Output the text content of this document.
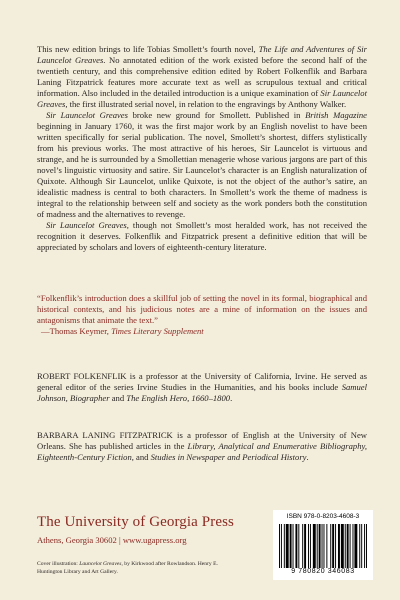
This new edition brings to life Tobias Smollett’s fourth novel, The Life and Adventures of Sir Launcelot Greaves. No annotated edition of the work existed before the second half of the twentieth century, and this comprehensive edition edited by Robert Folkenflik and Barbara Laning Fitzpatrick features more accurate text as well as scrupulous textual and critical information. Also included in the detailed introduction is a unique examination of Sir Launcelot Greaves, the first illustrated serial novel, in relation to the engravings by Anthony Walker.

Sir Launcelot Greaves broke new ground for Smollett. Published in British Magazine beginning in January 1760, it was the first major work by an English novelist to have been written specifically for serial publication. The novel, Smollett’s shortest, differs stylistically from his previous works. The most attractive of his heroes, Sir Launcelot is virtuous and strange, and he is surrounded by a Smollettian menagerie whose various jargons are part of this novel’s linguistic virtuosity and satire. Sir Launcelot’s character is an English naturalization of Quixote. Although Sir Launcelot, unlike Quixote, is not the object of the author’s satire, an idealistic madness is central to both characters. In Smollett’s work the theme of madness is integral to the relationship between self and society as the work ponders both the constitution of madness and the alternatives to revenge.

Sir Launcelot Greaves, though not Smollett’s most heralded work, has not received the recognition it deserves. Folkenflik and Fitzpatrick present a definitive edition that will be appreciated by scholars and lovers of eighteenth-century literature.

“Folkenflik’s introduction does a skillful job of setting the novel in its formal, biographical and historical contexts, and his judicious notes are a mine of information on the issues and antagonisms that animate the text.”

—Thomas Keymer, Times Literary Supplement

ROBERT FOLKENFLIK is a professor at the University of California, Irvine. He served as general editor of the series Irvine Studies in the Humanities, and his books include Samuel Johnson, Biographer and The English Hero, 1660–1800.

BARBARA LANING FITZPATRICK is a professor of English at the University of New Orleans. She has published articles in the Library, Analytical and Enumerative Bibliography, Eighteenth-Century Fiction, and Studies in Newspaper and Periodical History.

The University of Georgia Press
Athens, Georgia 30602 | www.ugapress.org
Cover illustration: Launcelot Greaves, by Kirkwood after Rowlandson. Henry E. Huntington Library and Art Gallery.
ISBN 978-0-8203-4608-3
9 780820 346083
